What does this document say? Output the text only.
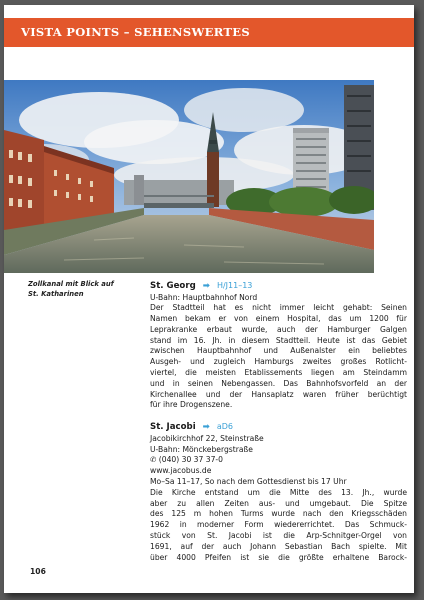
VISTA POINTS – SEHENSWERTES
Zollkanal mit Blick auf
St. Katharinen
St. Georg ➡ H/J11–13
U-Bahn: Hauptbahnhof Nord
Der Stadtteil hat es nicht immer leicht gehabt: Seinen
Namen bekam er von einem Hospital, das um 1200 für
Leprakranke erbaut wurde, auch der Hamburger Galgen
stand im 16. Jh. in diesem Stadtteil. Heute ist das Gebiet
zwischen Hauptbahnhof und Außenalster ein beliebtes
Ausgeh- und zugleich Hamburgs zweites großes Rotlicht-
viertel, die meisten Etablissements liegen am Steindamm
und in seinen Nebengassen. Das Bahnhofsvorfeld an der
Kirchenallee und der Hansaplatz waren früher berüchtigt
für ihre Drogenszene.
St. Jacobi ➡ aD6
Jacobikirchhof 22, Steinstraße
U-Bahn: Mönckebergstraße
✆ (040) 30 37 37-0
www.jacobus.de
Mo–Sa 11–17, So nach dem Gottesdienst bis 17 Uhr
Die Kirche entstand um die Mitte des 13. Jh., wurde
aber zu allen Zeiten aus- und umgebaut. Die Spitze
des 125 m hohen Turms wurde nach den Kriegsschäden
1962 in moderner Form wiedererrichtet. Das Schmuck-
stück von St. Jacobi ist die Arp-Schnitger-Orgel von
1691, auf der auch Johann Sebastian Bach spielte. Mit
über 4000 Pfeifen ist sie die größte erhaltene Barock-
106
